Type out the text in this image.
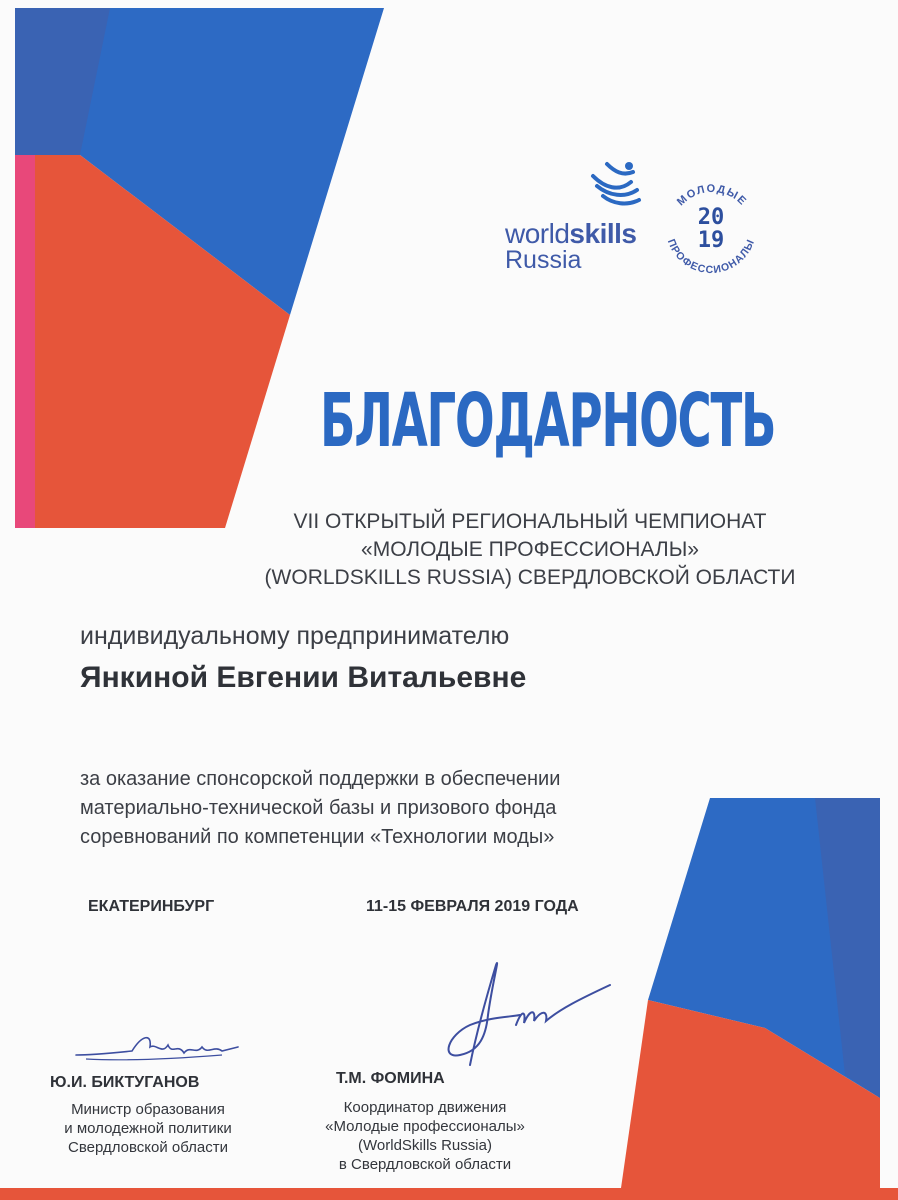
worldskills
Russia
МОЛОДЫЕ
ПРОФЕССИОНАЛЫ
20
19
БЛАГОДАРНОСТЬ
VII ОТКРЫТЫЙ РЕГИОНАЛЬНЫЙ ЧЕМПИОНАТ
«МОЛОДЫЕ ПРОФЕССИОНАЛЫ»
(WORLDSKILLS RUSSIA) СВЕРДЛОВСКОЙ ОБЛАСТИ
индивидуальному предпринимателю
Янкиной Евгении Витальевне
за оказание спонсорской поддержки в обеспечении
материально-технической базы и призового фонда
соревнований по компетенции «Технологии моды»
ЕКАТЕРИНБУРГ	11-15 ФЕВРАЛЯ 2019 ГОДА
Ю.И. БИКТУГАНОВ
Министр образования
и молодежной политики
Свердловской области
Т.М. ФОМИНА
Координатор движения
«Молодые профессионалы»
(WorldSkills Russia)
в Свердловской области
